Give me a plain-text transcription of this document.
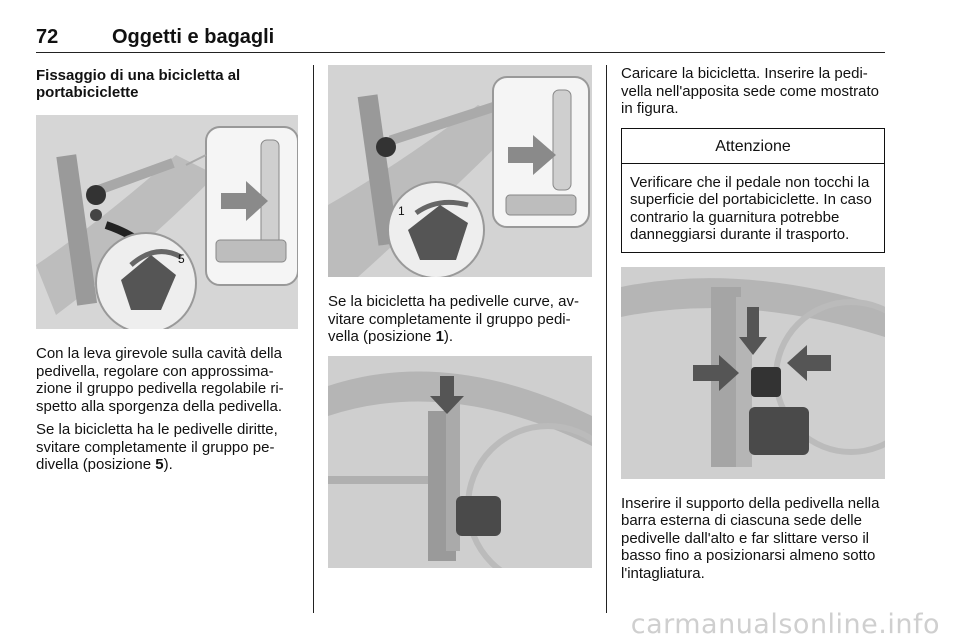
72	Oggetti e bagagli
Fissaggio di una bicicletta al portabiciclette
5

Con la leva girevole sulla cavità della pedivella, regolare con approssimazione il gruppo pedivella regolabile rispetto alla sporgenza della pedivella.

Se la bicicletta ha le pedivelle diritte, svitare completamente il gruppo pedivella (posizione 5).

1

Se la bicicletta ha pedivelle curve, avvitare completamente il gruppo pedivella (posizione 1).

Caricare la bicicletta. Inserire la pedivella nell'apposita sede come mostrato in figura.

Attenzione
Verificare che il pedale non tocchi la superficie del portabiciclette. In caso contrario la guarnitura potrebbe danneggiarsi durante il trasporto.

Inserire il supporto della pedivella nella barra esterna di ciascuna sede delle pedivelle dall'alto e far slittare verso il basso fino a posizionarsi almeno sotto l'intagliatura.

carmanualsonline.info
